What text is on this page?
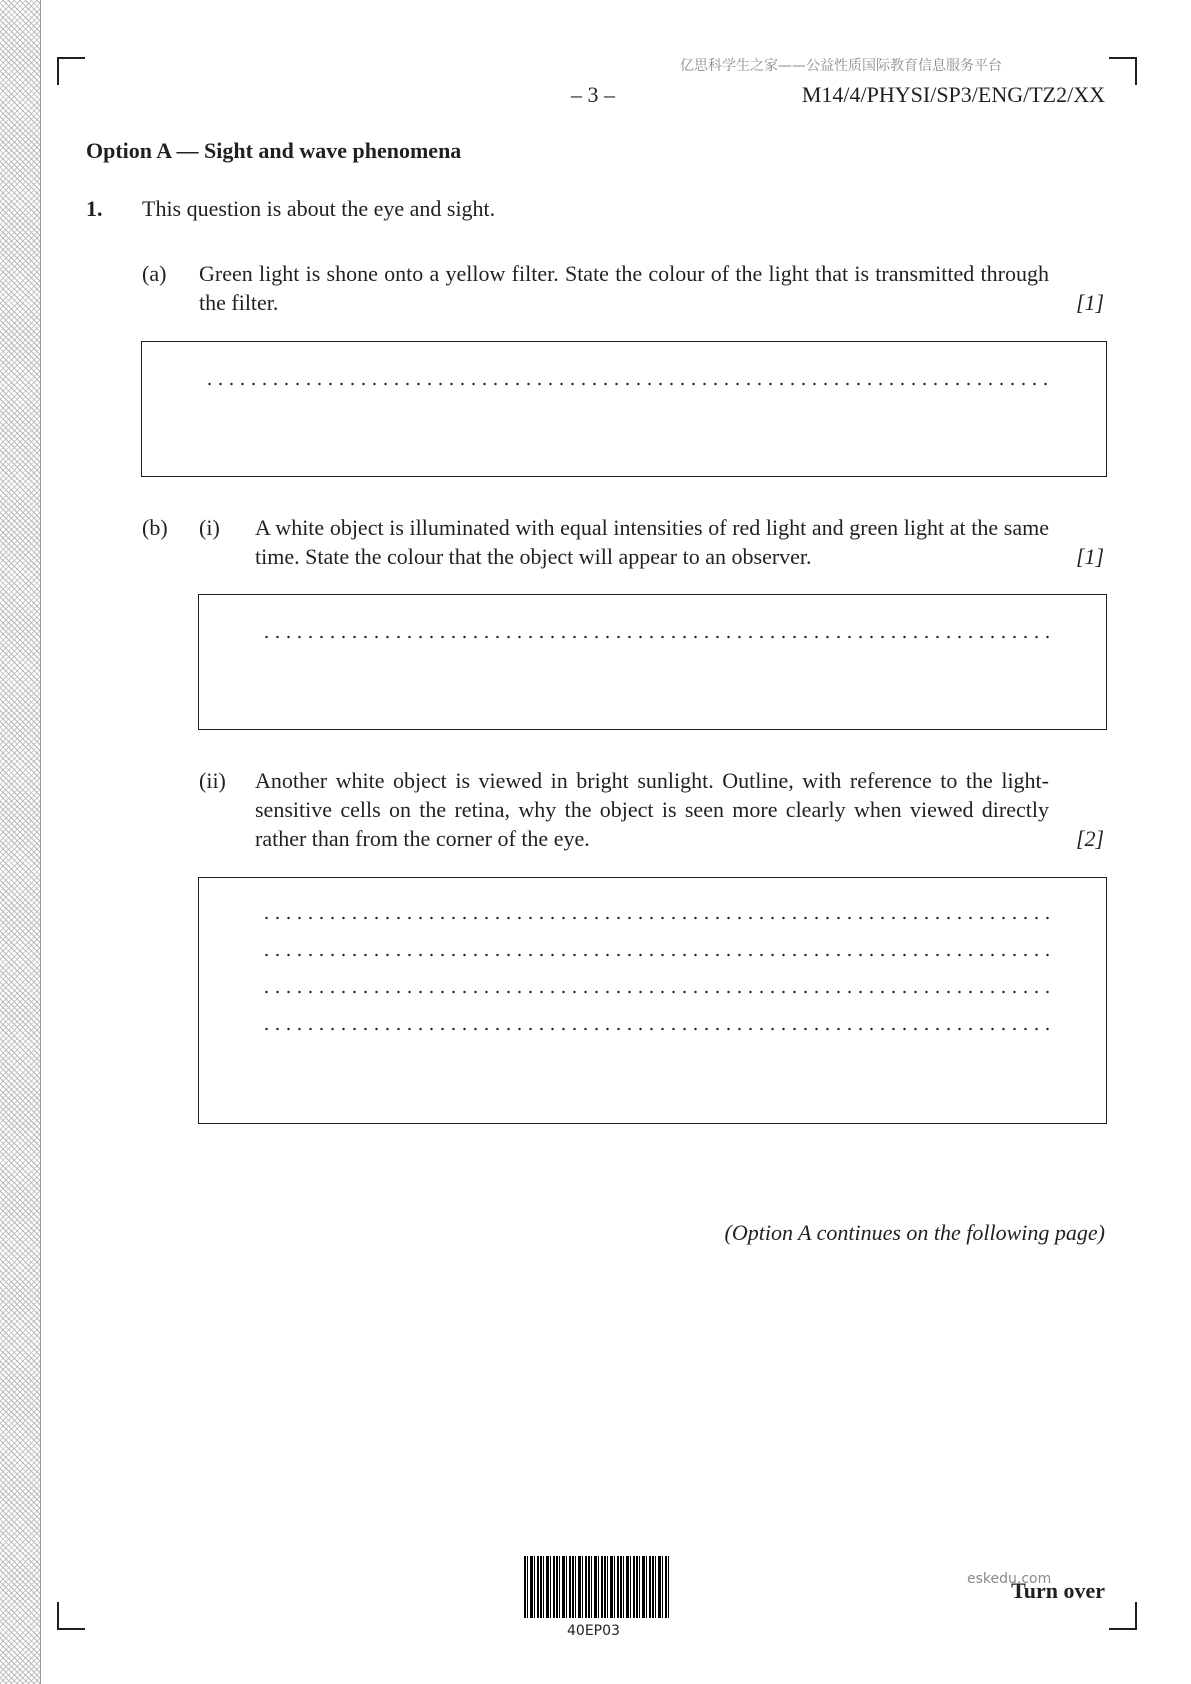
亿思科学生之家——公益性质国际教育信息服务平台
– 3 –	M14/4/PHYSI/SP3/ENG/TZ2/XX
Option A — Sight and wave phenomena
1. This question is about the eye and sight.
(a) Green light is shone onto a yellow filter. State the colour of the light that is transmitted through the filter.	[1]
(b) (i) A white object is illuminated with equal intensities of red light and green light at the same time. State the colour that the object will appear to an observer.	[1]
(ii) Another white object is viewed in bright sunlight. Outline, with reference to the light-sensitive cells on the retina, why the object is seen more clearly when viewed directly rather than from the corner of the eye.	[2]
(Option A continues on the following page)
40EP03
eskedu.com
Turn over
